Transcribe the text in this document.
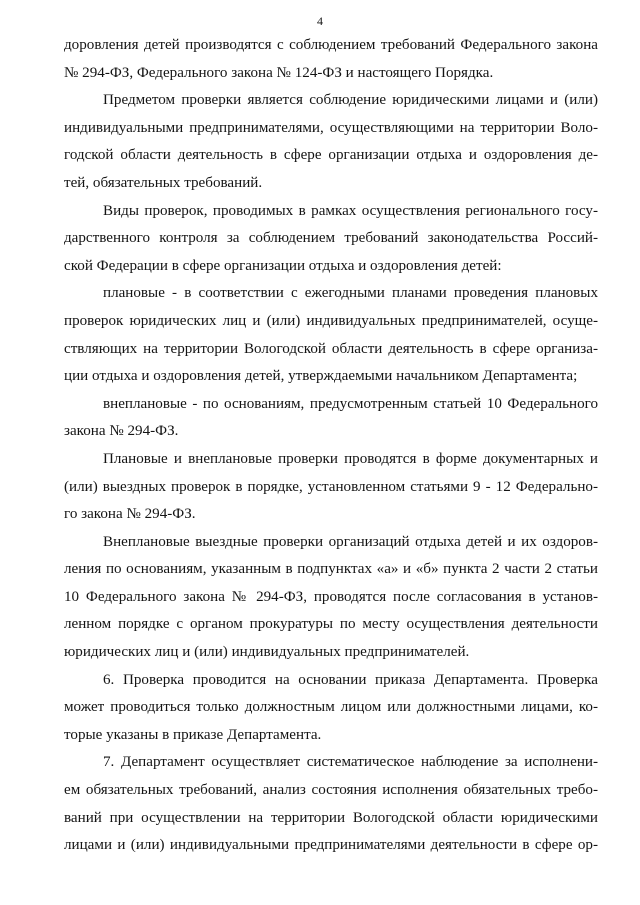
4
доровления детей производятся с соблюдением требований Федерального закона
№ 294-ФЗ, Федерального закона № 124-ФЗ и настоящего Порядка.
Предметом проверки является соблюдение юридическими лицами и (или)
индивидуальными предпринимателями, осуществляющими на территории Воло-
годской области деятельность в сфере организации отдыха и оздоровления де-
тей, обязательных требований.
Виды проверок, проводимых в рамках осуществления регионального госу-
дарственного контроля за соблюдением требований законодательства Россий-
ской Федерации в сфере организации отдыха и оздоровления детей:
плановые - в соответствии с ежегодными планами проведения плановых
проверок юридических лиц и (или) индивидуальных предпринимателей, осуще-
ствляющих на территории Вологодской области деятельность в сфере организа-
ции отдыха и оздоровления детей, утверждаемыми начальником Департамента;
внеплановые - по основаниям, предусмотренным статьей 10 Федерального
закона № 294-ФЗ.
Плановые и внеплановые проверки проводятся в форме документарных и
(или) выездных проверок в порядке, установленном статьями 9 - 12 Федерально-
го закона № 294-ФЗ.
Внеплановые выездные проверки организаций отдыха детей и их оздоров-
ления по основаниям, указанным в подпунктах «а» и «б» пункта 2 части 2 статьи
10 Федерального закона № 294-ФЗ, проводятся после согласования в установ-
ленном порядке с органом прокуратуры по месту осуществления деятельности
юридических лиц и (или) индивидуальных предпринимателей.
6. Проверка проводится на основании приказа Департамента. Проверка
может проводиться только должностным лицом или должностными лицами, ко-
торые указаны в приказе Департамента.
7. Департамент осуществляет систематическое наблюдение за исполнени-
ем обязательных требований, анализ состояния исполнения обязательных требо-
ваний при осуществлении на территории Вологодской области юридическими
лицами и (или) индивидуальными предпринимателями деятельности в сфере ор-
